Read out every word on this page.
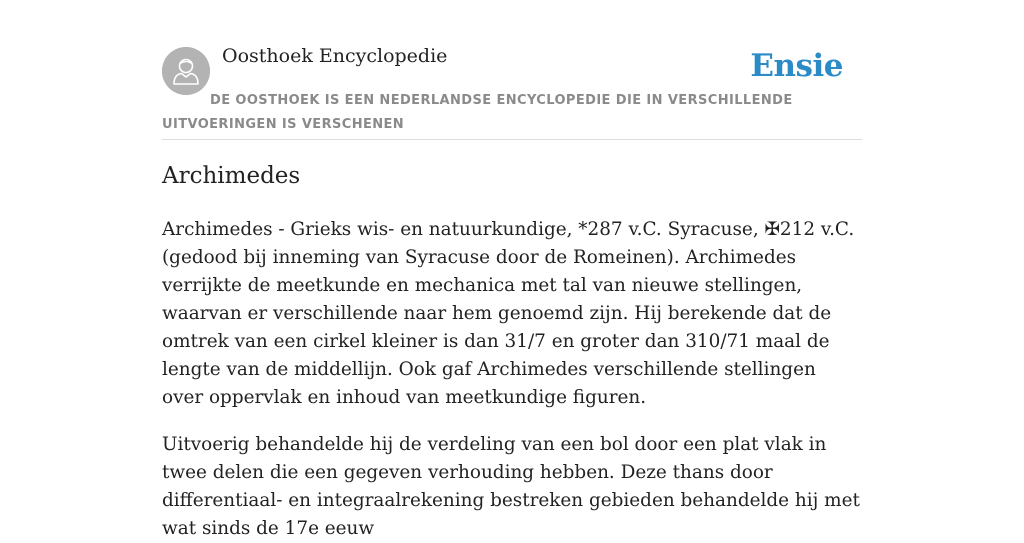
Oosthoek Encyclopedie	Ensie

DE OOSTHOEK IS EEN NEDERLANDSE ENCYCLOPEDIE DIE IN VERSCHILLENDE UITVOERINGEN IS VERSCHENEN

Archimedes

Archimedes - Grieks wis- en natuurkundige, *287 v.C. Syracuse, ✠212 v.C. (gedood bij inneming van Syracuse door de Romeinen). Archimedes verrijkte de meetkunde en mechanica met tal van nieuwe stellingen, waarvan er verschillende naar hem genoemd zijn. Hij berekende dat de omtrek van een cirkel kleiner is dan 31/7 en groter dan 310/71 maal de lengte van de middellijn. Ook gaf Archimedes verschillende stellingen over oppervlak en inhoud van meetkundige figuren.

Uitvoerig behandelde hij de verdeling van een bol door een plat vlak in twee delen die een gegeven verhouding hebben. Deze thans door differentiaal- en integraalrekening bestreken gebieden behandelde hij met wat sinds de 17e eeuw
